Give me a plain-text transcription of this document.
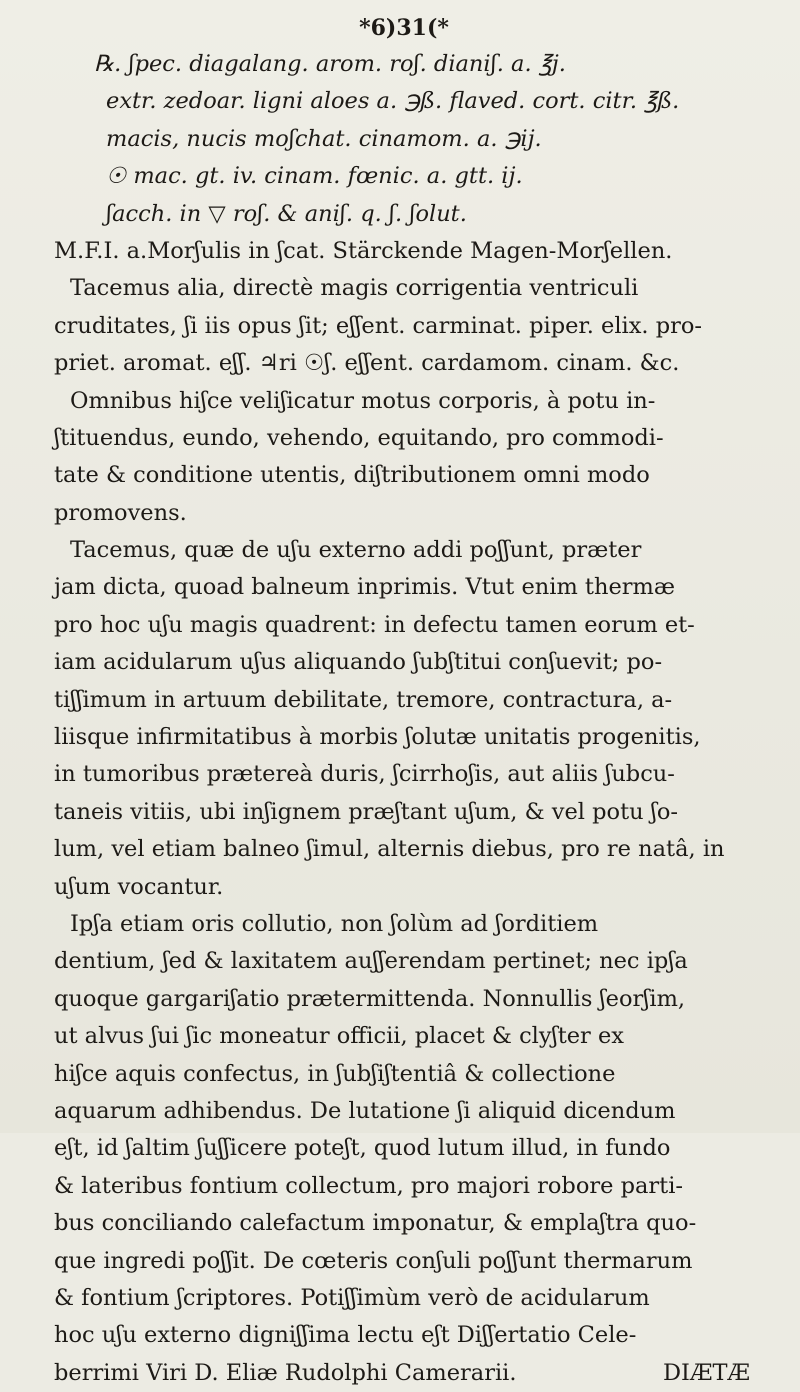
*6)31(*
℞. ʃpec. diagalang. arom. roʃ. dianiʃ. a. ℥j.
extr. zedoar. ligni aloes a. ℈ß. flaved. cort. citr. ℥ß.
macis, nucis moʃchat. cinamom. a. ℈ij.
☉ mac. gt. iv. cinam. fœnic. a. gtt. ij.
ʃacch. in ▽ roʃ. & aniʃ. q. ʃ. ʃolut.
M.F.I. a.Morʃulis in ʃcat. Stärckende Magen-Morʃellen.
Tacemus alia, directè magis corrigentia ventriculi
cruditates, ʃi iis opus ʃit; eʃʃent. carminat. piper. elix. pro-
priet. aromat. eʃʃ. ♃ri ☉ʃ. eʃʃent. cardamom. cinam. &c.
Omnibus hiʃce veliʃicatur motus corporis, à potu in-
ʃtituendus, eundo, vehendo, equitando, pro commodi-
tate & conditione utentis, diʃtributionem omni modo
promovens.
Tacemus, quæ de uʃu externo addi poʃʃunt, præter
jam dicta, quoad balneum inprimis. Vtut enim thermæ
pro hoc uʃu magis quadrent: in defectu tamen eorum et-
iam acidularum uʃus aliquando ʃubʃtitui conʃuevit; po-
tiʃʃimum in artuum debilitate, tremore, contractura, a-
liisque infirmitatibus à morbis ʃolutæ unitatis progenitis,
in tumoribus prætereà duris, ʃcirrhoʃis, aut aliis ʃubcu-
taneis vitiis, ubi inʃignem præʃtant uʃum, & vel potu ʃo-
lum, vel etiam balneo ʃimul, alternis diebus, pro re natâ, in
uʃum vocantur.
Ipʃa etiam oris collutio, non ʃolùm ad ʃorditiem
dentium, ʃed & laxitatem auʃʃerendam pertinet; nec ipʃa
quoque gargariʃatio prætermittenda. Nonnullis ʃeorʃim,
ut alvus ʃui ʃic moneatur officii, placet & clyʃter ex
hiʃce aquis confectus, in ʃubʃiʃtentiâ & collectione
aquarum adhibendus. De lutatione ʃi aliquid dicendum
eʃt, id ʃaltim ʃuʃʃicere poteʃt, quod lutum illud, in fundo
& lateribus fontium collectum, pro majori robore parti-
bus conciliando calefactum imponatur, & emplaʃtra quo-
que ingredi poʃʃit. De cœteris conʃuli poʃʃunt thermarum
& fontium ʃcriptores. Potiʃʃimùm verò de acidularum
hoc uʃu externo digniʃʃima lectu eʃt Diʃʃertatio Cele-
berrimi Viri D. Eliæ Rudolphi Camerarii.	DIÆTÆ
